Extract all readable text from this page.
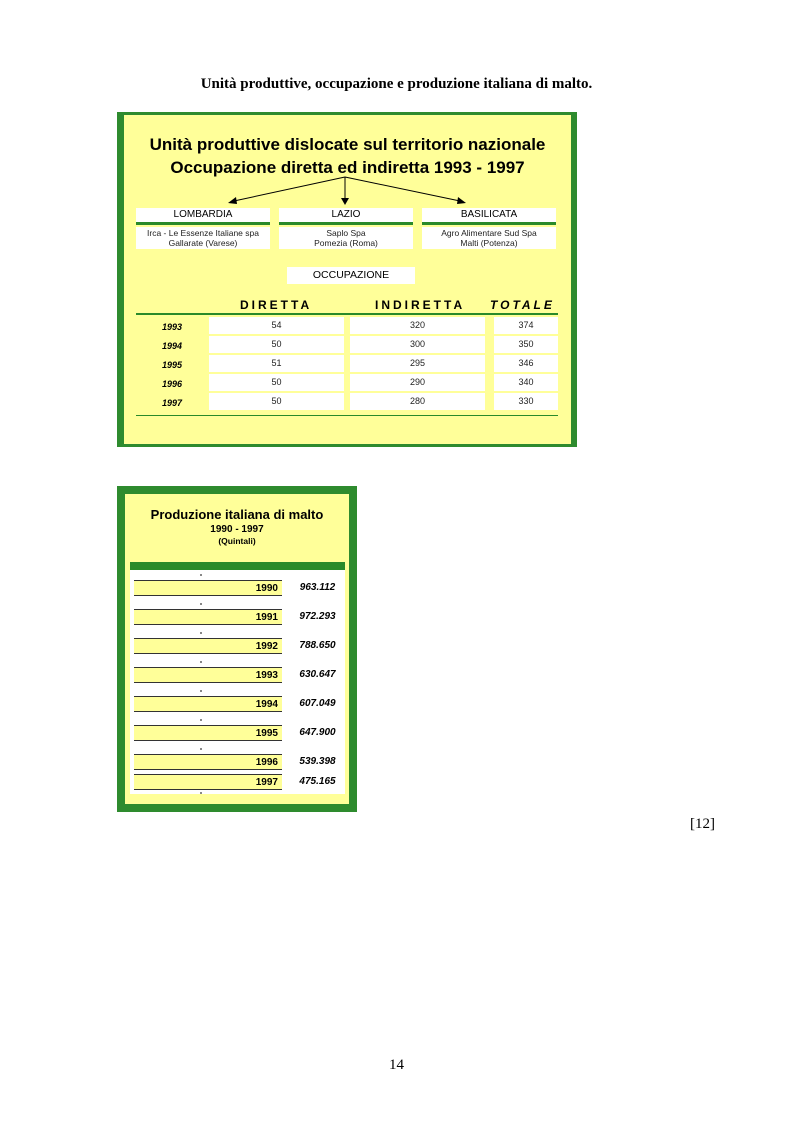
Unità produttive, occupazione e produzione italiana di malto.
Unità produttive dislocate sul territorio nazionale
Occupazione diretta ed indiretta 1993 - 1997
LOMBARDIA
Irca - Le Essenze Italiane spa
Gallarate (Varese)
LAZIO
Saplo Spa
Pomezia (Roma)
BASILICATA
Agro Alimentare Sud Spa
Malti (Potenza)
OCCUPAZIONE
DIRETTA	INDIRETTA TOTALE
1993	54	320	374
1994	50	300	350
1995	51	295	346
1996	50	290	340
1997	50	280	330
Produzione italiana di malto
1990 - 1997
(Quintali)
1990	963.112
1991	972.293
1992	788.650
1993	630.647
1994	607.049
1995	647.900
1996	539.398
1997	475.165
[12]
14
